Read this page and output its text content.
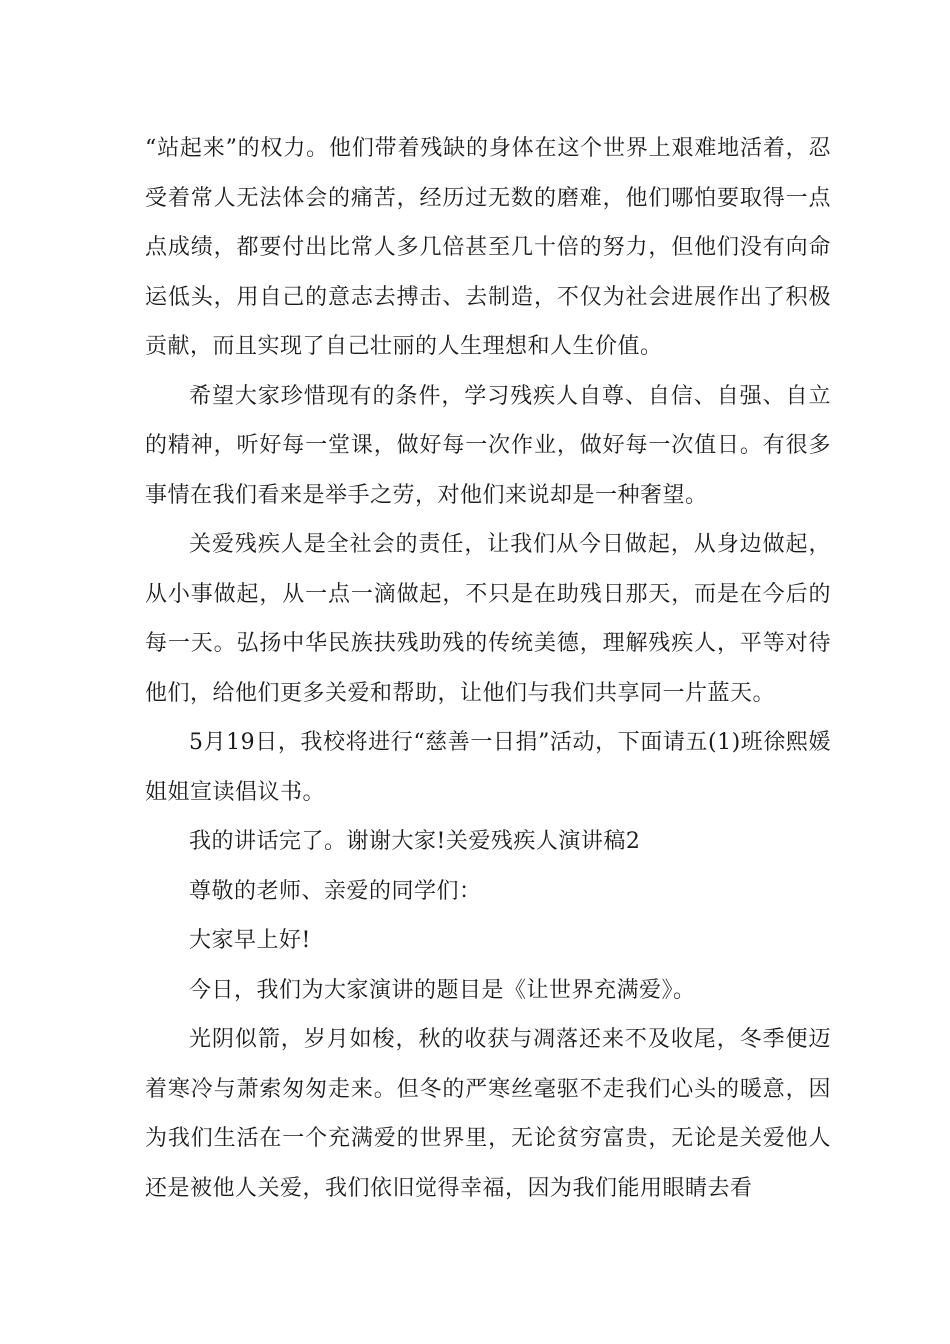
“站起来”的权力。他们带着残缺的身体在这个世界上艰难地活着，忍受着常人无法体会的痛苦，经历过无数的磨难，他们哪怕要取得一点点成绩，都要付出比常人多几倍甚至几十倍的努力，但他们没有向命运低头，用自己的意志去搏击、去制造，不仅为社会进展作出了积极贡献，而且实现了自己壮丽的人生理想和人生价值。

希望大家珍惜现有的条件，学习残疾人自尊、自信、自强、自立的精神，听好每一堂课，做好每一次作业，做好每一次值日。有很多事情在我们看来是举手之劳，对他们来说却是一种奢望。

关爱残疾人是全社会的责任，让我们从今日做起，从身边做起，从小事做起，从一点一滴做起，不只是在助残日那天，而是在今后的每一天。弘扬中华民族扶残助残的传统美德，理解残疾人，平等对待他们，给他们更多关爱和帮助，让他们与我们共享同一片蓝天。

5月19日，我校将进行“慈善一日捐”活动，下面请五(1)班徐熙媛姐姐宣读倡议书。

我的讲话完了。谢谢大家!关爱残疾人演讲稿2

尊敬的老师、亲爱的同学们：

大家早上好!

今日，我们为大家演讲的题目是《让世界充满爱》。

光阴似箭，岁月如梭，秋的收获与凋落还来不及收尾，冬季便迈着寒冷与萧索匆匆走来。但冬的严寒丝毫驱不走我们心头的暖意，因为我们生活在一个充满爱的世界里，无论贫穷富贵，无论是关爱他人还是被他人关爱，我们依旧觉得幸福，因为我们能用眼睛去看
